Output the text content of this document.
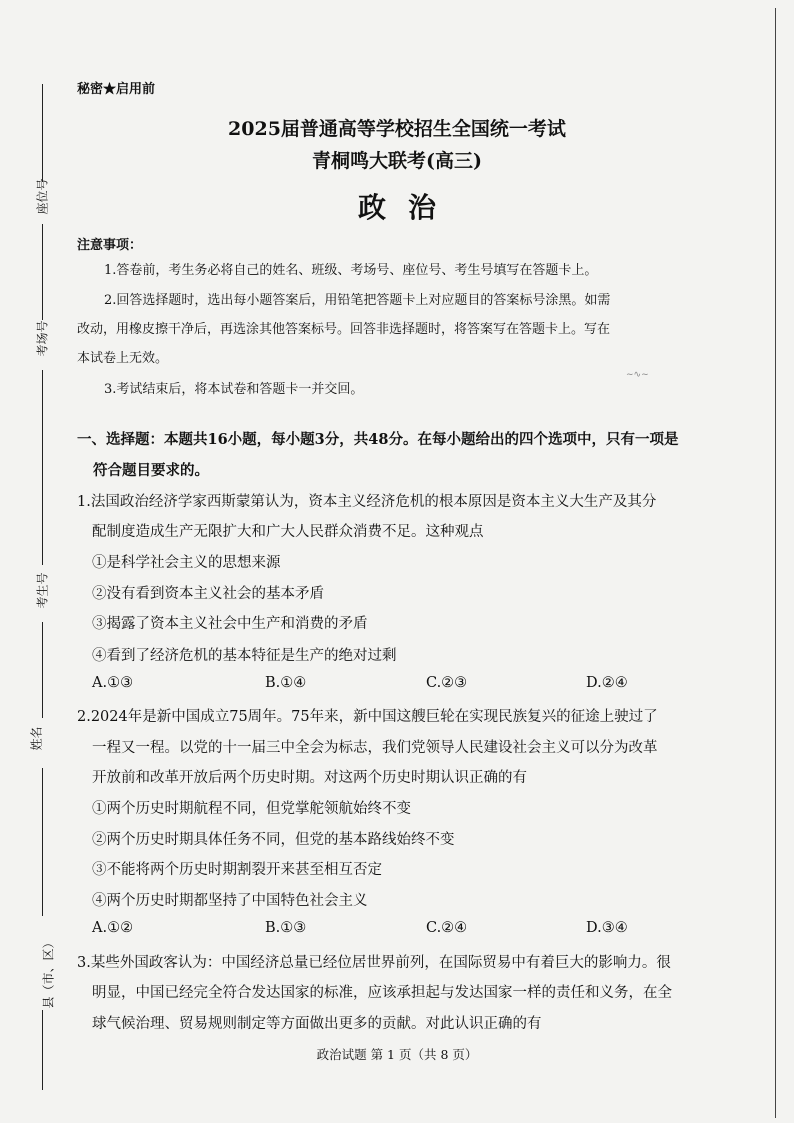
座位号
考场号
考生号
姓名
县（市、区）
秘密★启用前
2025届普通高等学校招生全国统一考试
青桐鸣大联考(高三)
政治
注意事项：
1.答卷前，考生务必将自己的姓名、班级、考场号、座位号、考生号填写在答题卡上。
2.回答选择题时，选出每小题答案后，用铅笔把答题卡上对应题目的答案标号涂黑。如需
改动，用橡皮擦干净后，再选涂其他答案标号。回答非选择题时，将答案写在答题卡上。写在
本试卷上无效。
3.考试结束后，将本试卷和答题卡一并交回。
~∿~
一、选择题：本题共16小题，每小题3分，共48分。在每小题给出的四个选项中，只有一项是
符合题目要求的。
1.法国政治经济学家西斯蒙第认为，资本主义经济危机的根本原因是资本主义大生产及其分
配制度造成生产无限扩大和广大人民群众消费不足。这种观点
①是科学社会主义的思想来源
②没有看到资本主义社会的基本矛盾
③揭露了资本主义社会中生产和消费的矛盾
④看到了经济危机的基本特征是生产的绝对过剩
A.①③	B.①④	C.②③	D.②④
2.2024年是新中国成立75周年。75年来，新中国这艘巨轮在实现民族复兴的征途上驶过了
一程又一程。以党的十一届三中全会为标志，我们党领导人民建设社会主义可以分为改革
开放前和改革开放后两个历史时期。对这两个历史时期认识正确的有
①两个历史时期航程不同，但党掌舵领航始终不变
②两个历史时期具体任务不同，但党的基本路线始终不变
③不能将两个历史时期割裂开来甚至相互否定
④两个历史时期都坚持了中国特色社会主义
A.①②	B.①③	C.②④	D.③④
3.某些外国政客认为：中国经济总量已经位居世界前列，在国际贸易中有着巨大的影响力。很
明显，中国已经完全符合发达国家的标准，应该承担起与发达国家一样的责任和义务，在全
球气候治理、贸易规则制定等方面做出更多的贡献。对此认识正确的有
政治试题 第 1 页（共 8 页）
